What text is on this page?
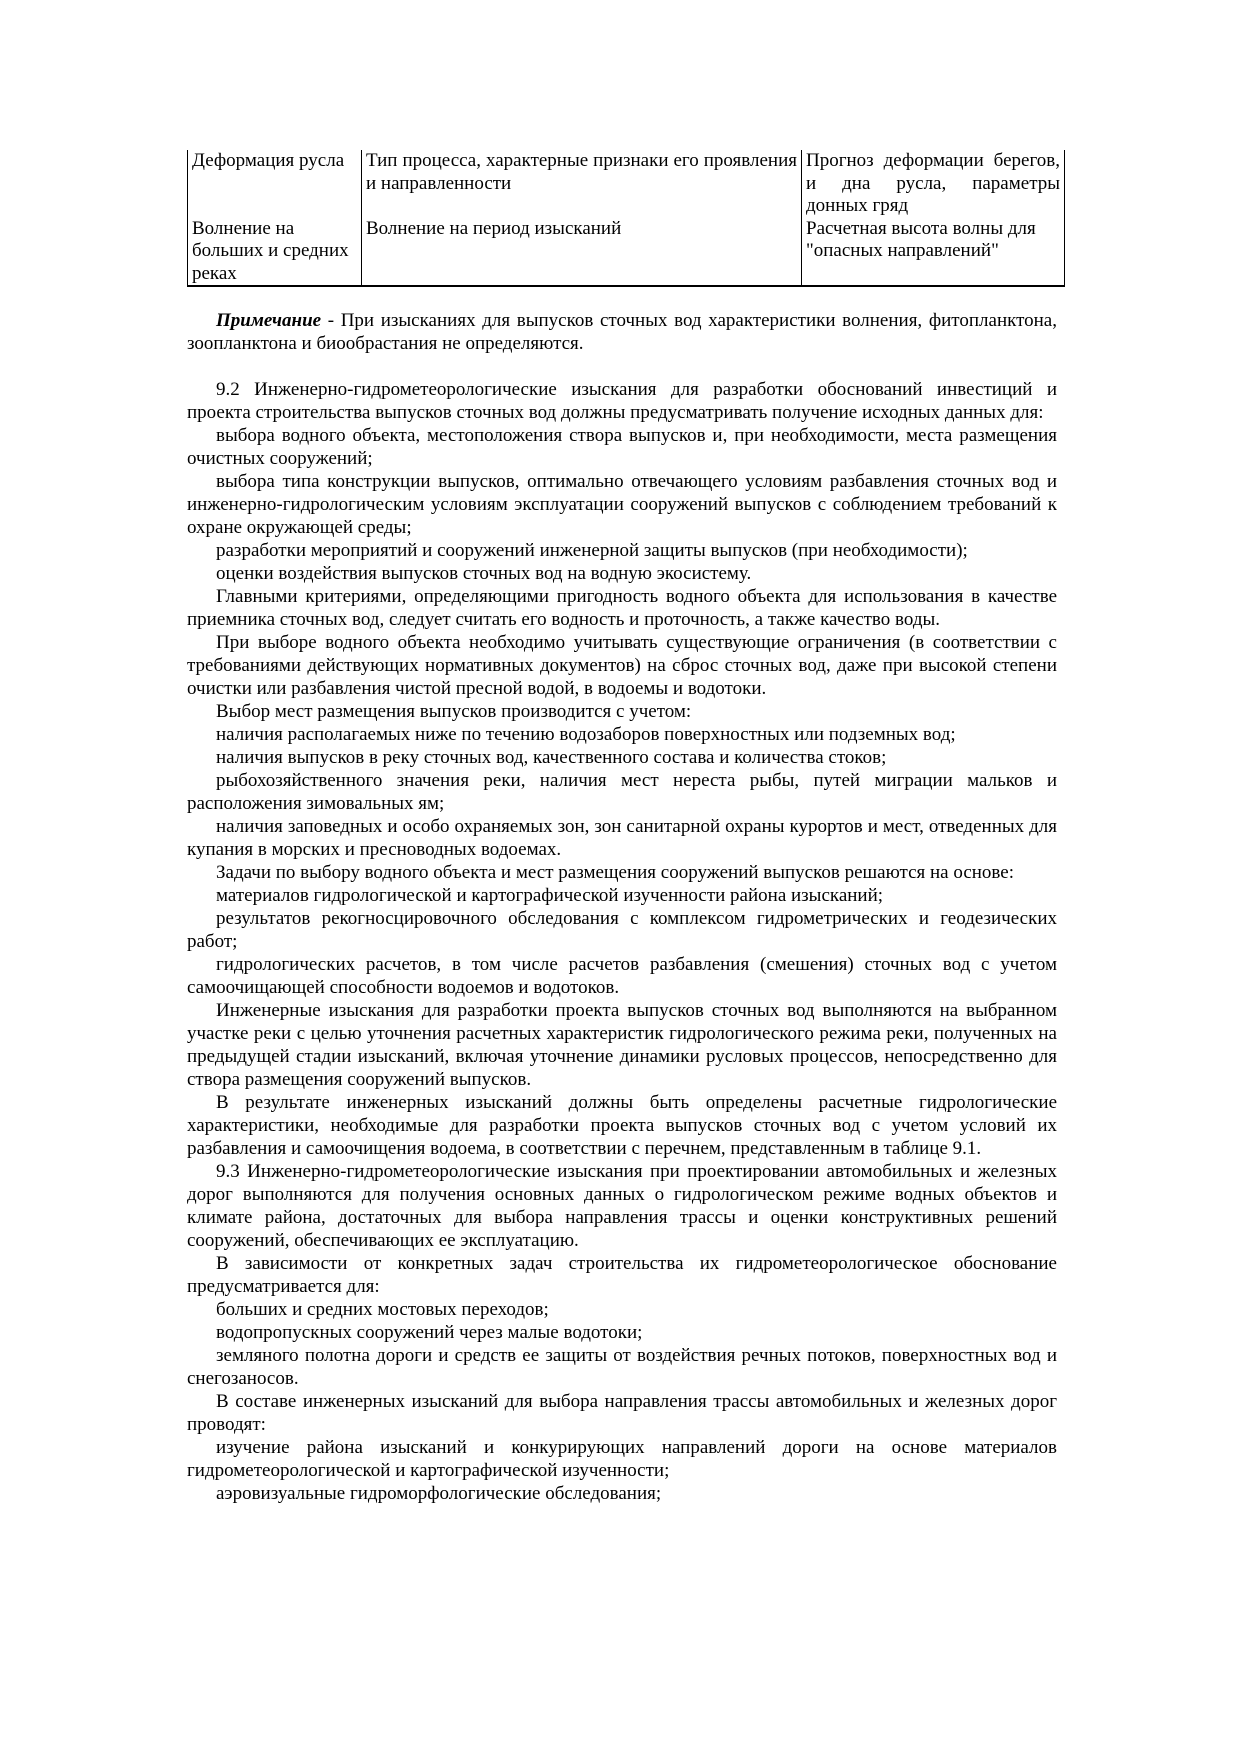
Деформация русла	Тип процесса, характерные признаки его проявления и направленности	Прогноз деформации берегов, и дна русла, параметры донных гряд
Волнение на больших и средних реках	Волнение на период изысканий	Расчетная высота волны для "опасных направлений"

Примечание - При изысканиях для выпусков сточных вод характеристики волнения, фитопланктона, зоопланктона и биообрастания не определяются.

9.2 Инженерно-гидрометеорологические изыскания для разработки обоснований инвестиций и проекта строительства выпусков сточных вод должны предусматривать получение исходных данных для:

выбора водного объекта, местоположения створа выпусков и, при необходимости, места размещения очистных сооружений;

выбора типа конструкции выпусков, оптимально отвечающего условиям разбавления сточных вод и инженерно-гидрологическим условиям эксплуатации сооружений выпусков с соблюдением требований к охране окружающей среды;

разработки мероприятий и сооружений инженерной защиты выпусков (при необходимости);

оценки воздействия выпусков сточных вод на водную экосистему.

Главными критериями, определяющими пригодность водного объекта для использования в качестве приемника сточных вод, следует считать его водность и проточность, а также качество воды.

При выборе водного объекта необходимо учитывать существующие ограничения (в соответствии с требованиями действующих нормативных документов) на сброс сточных вод, даже при высокой степени очистки или разбавления чистой пресной водой, в водоемы и водотоки.

Выбор мест размещения выпусков производится с учетом:

наличия располагаемых ниже по течению водозаборов поверхностных или подземных вод;

наличия выпусков в реку сточных вод, качественного состава и количества стоков;

рыбохозяйственного значения реки, наличия мест нереста рыбы, путей миграции мальков и расположения зимовальных ям;

наличия заповедных и особо охраняемых зон, зон санитарной охраны курортов и мест, отведенных для купания в морских и пресноводных водоемах.

Задачи по выбору водного объекта и мест размещения сооружений выпусков решаются на основе:

материалов гидрологической и картографической изученности района изысканий;

результатов рекогносцировочного обследования с комплексом гидрометрических и геодезических работ;

гидрологических расчетов, в том числе расчетов разбавления (смешения) сточных вод с учетом самоочищающей способности водоемов и водотоков.

Инженерные изыскания для разработки проекта выпусков сточных вод выполняются на выбранном участке реки с целью уточнения расчетных характеристик гидрологического режима реки, полученных на предыдущей стадии изысканий, включая уточнение динамики русловых процессов, непосредственно для створа размещения сооружений выпусков.

В результате инженерных изысканий должны быть определены расчетные гидрологические характеристики, необходимые для разработки проекта выпусков сточных вод с учетом условий их разбавления и самоочищения водоема, в соответствии с перечнем, представленным в таблице 9.1.

9.3 Инженерно-гидрометеорологические изыскания при проектировании автомобильных и железных дорог выполняются для получения основных данных о гидрологическом режиме водных объектов и климате района, достаточных для выбора направления трассы и оценки конструктивных решений сооружений, обеспечивающих ее эксплуатацию.

В зависимости от конкретных задач строительства их гидрометеорологическое обоснование предусматривается для:

больших и средних мостовых переходов;

водопропускных сооружений через малые водотоки;

земляного полотна дороги и средств ее защиты от воздействия речных потоков, поверхностных вод и снегозаносов.

В составе инженерных изысканий для выбора направления трассы автомобильных и железных дорог проводят:

изучение района изысканий и конкурирующих направлений дороги на основе материалов гидрометеорологической и картографической изученности;

аэровизуальные гидроморфологические обследования;
